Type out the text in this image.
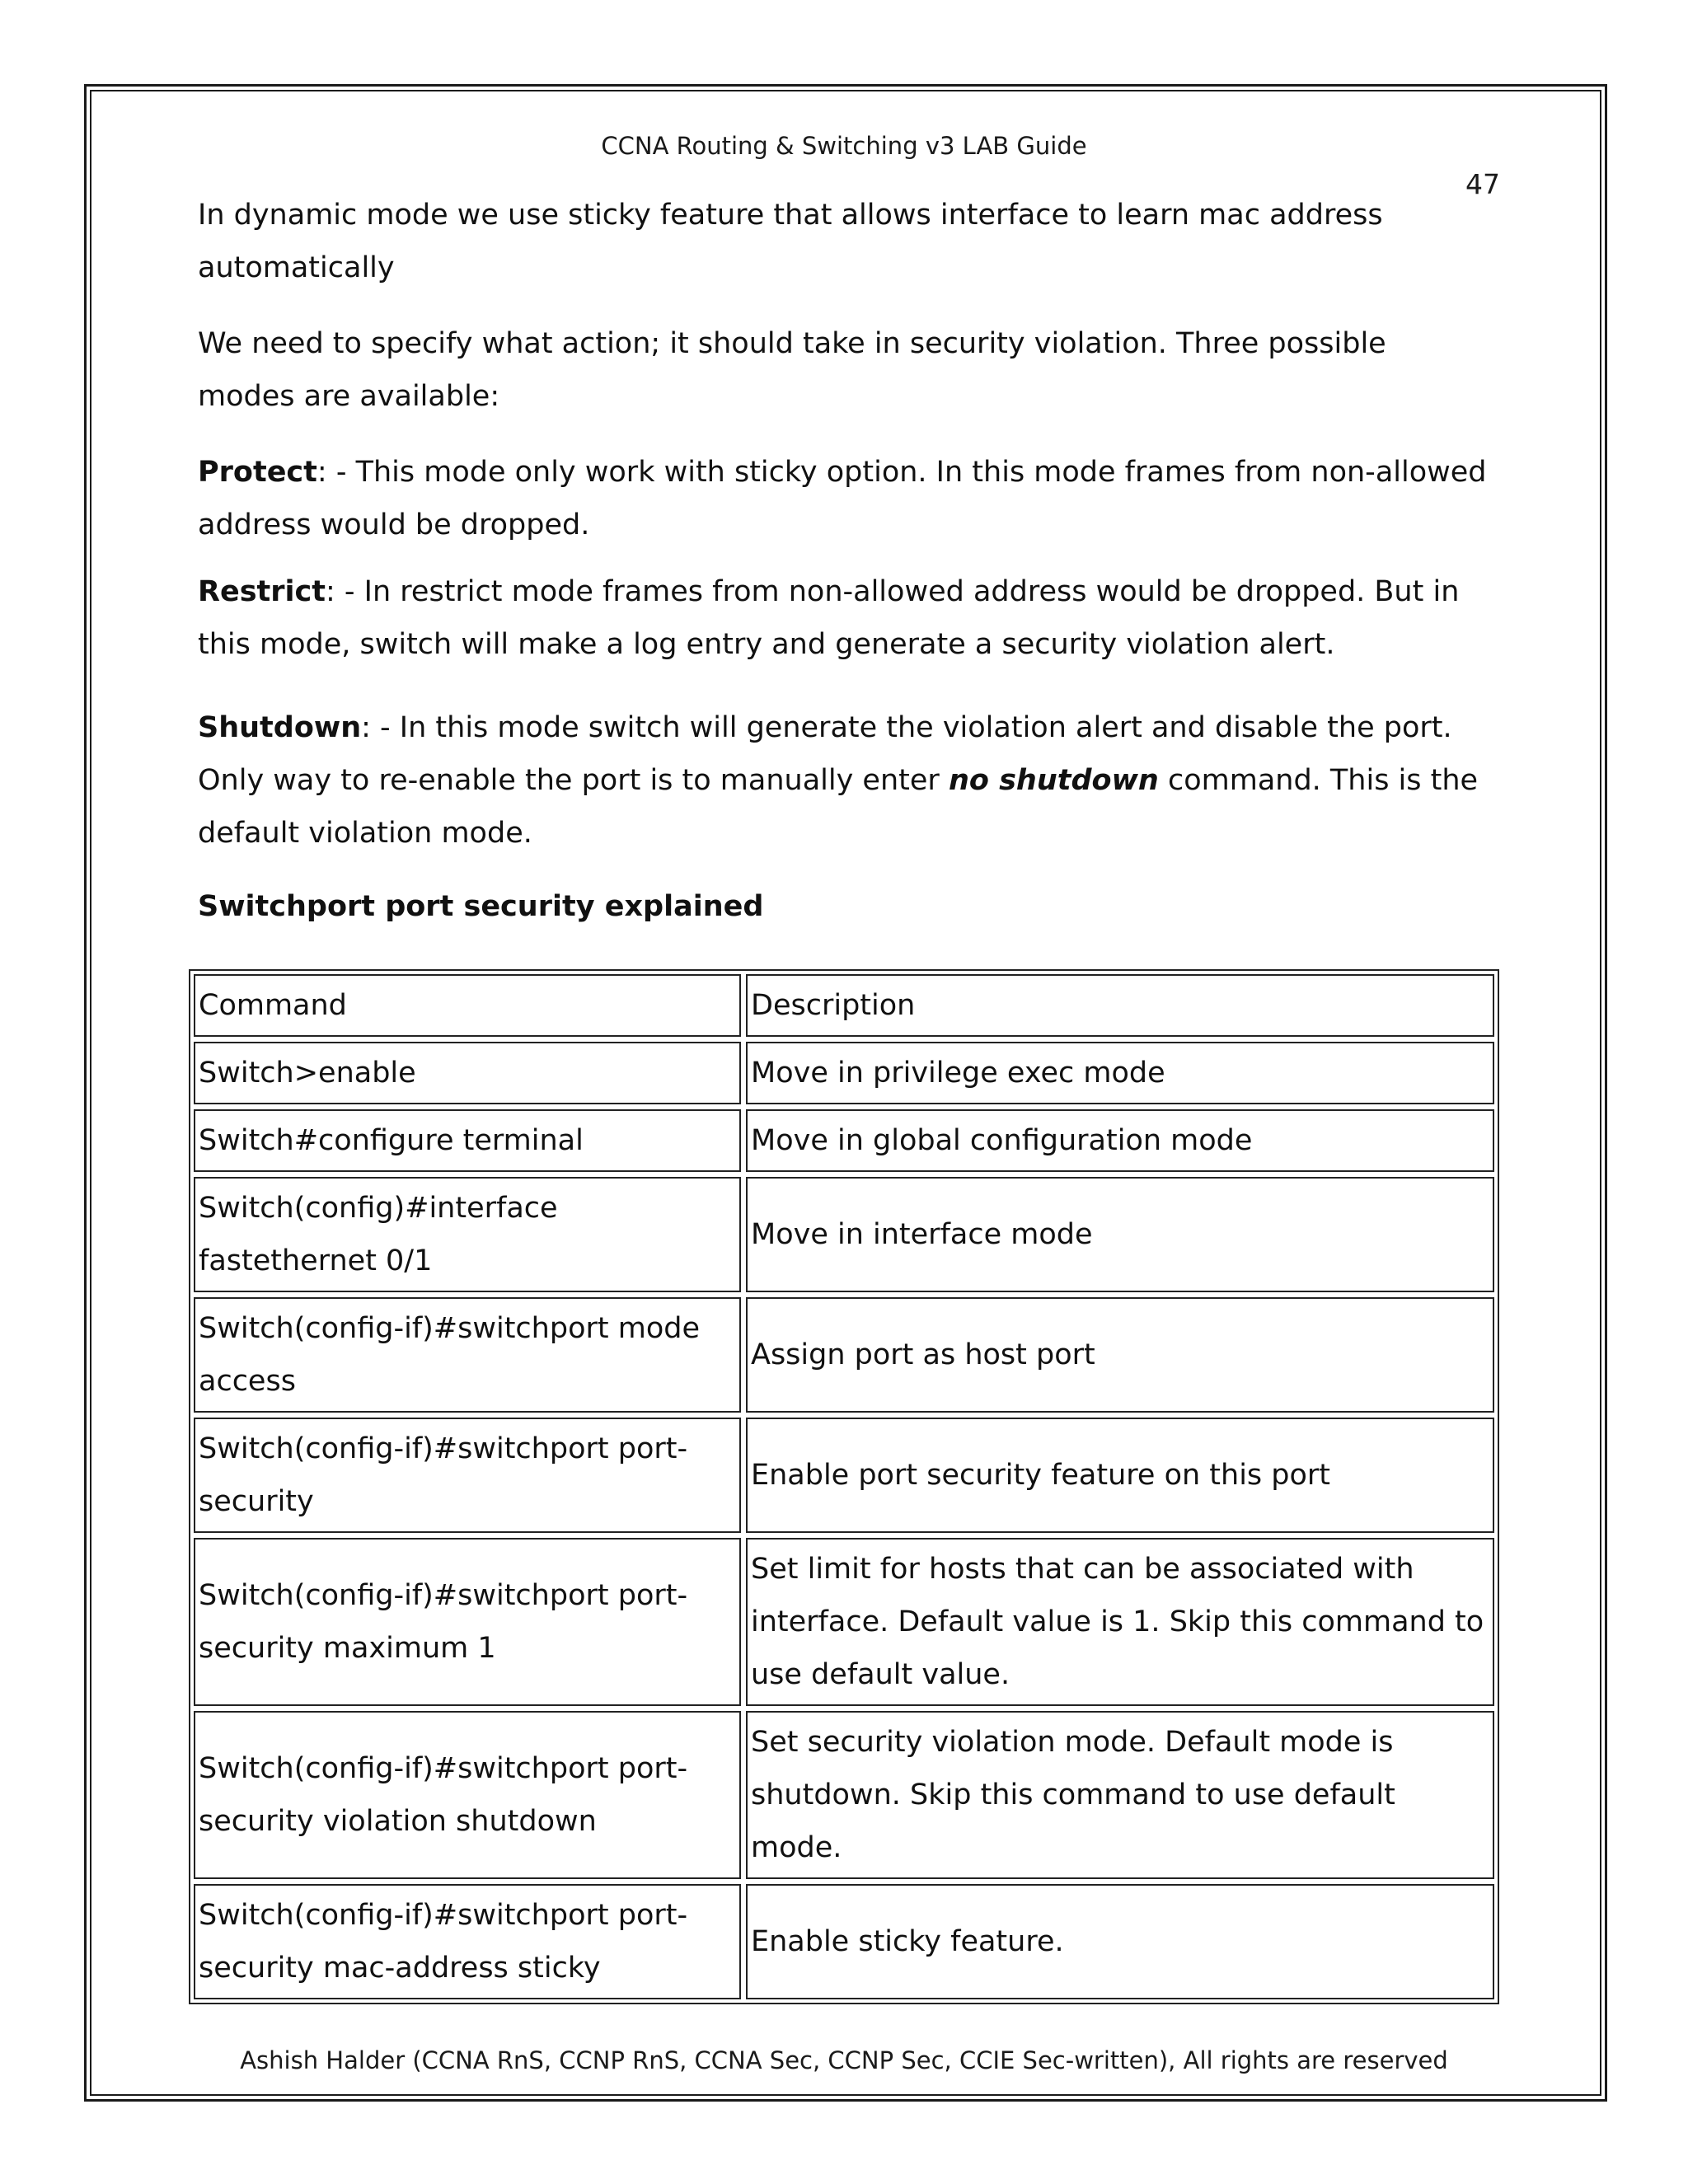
CCNA Routing & Switching v3 LAB Guide
47
In dynamic mode we use sticky feature that allows interface to learn mac address automatically
We need to specify what action; it should take in security violation. Three possible modes are available:
Protect: - This mode only work with sticky option. In this mode frames from non-allowed address would be dropped.
Restrict: - In restrict mode frames from non-allowed address would be dropped. But in this mode, switch will make a log entry and generate a security violation alert.
Shutdown: - In this mode switch will generate the violation alert and disable the port. Only way to re-enable the port is to manually enter no shutdown command. This is the default violation mode.
Switchport port security explained
Command	Description
Switch>enable	Move in privilege exec mode
Switch#configure terminal	Move in global configuration mode
Switch(config)#interface fastethernet 0/1	Move in interface mode
Switch(config-if)#switchport mode access	Assign port as host port
Switch(config-if)#switchport port-security	Enable port security feature on this port
Switch(config-if)#switchport port-security maximum 1	Set limit for hosts that can be associated with interface. Default value is 1. Skip this command to use default value.
Switch(config-if)#switchport port-security violation shutdown	Set security violation mode. Default mode is shutdown. Skip this command to use default mode.
Switch(config-if)#switchport port-security mac-address sticky	Enable sticky feature.
Ashish Halder (CCNA RnS, CCNP RnS, CCNA Sec, CCNP Sec, CCIE Sec-written), All rights are reserved
